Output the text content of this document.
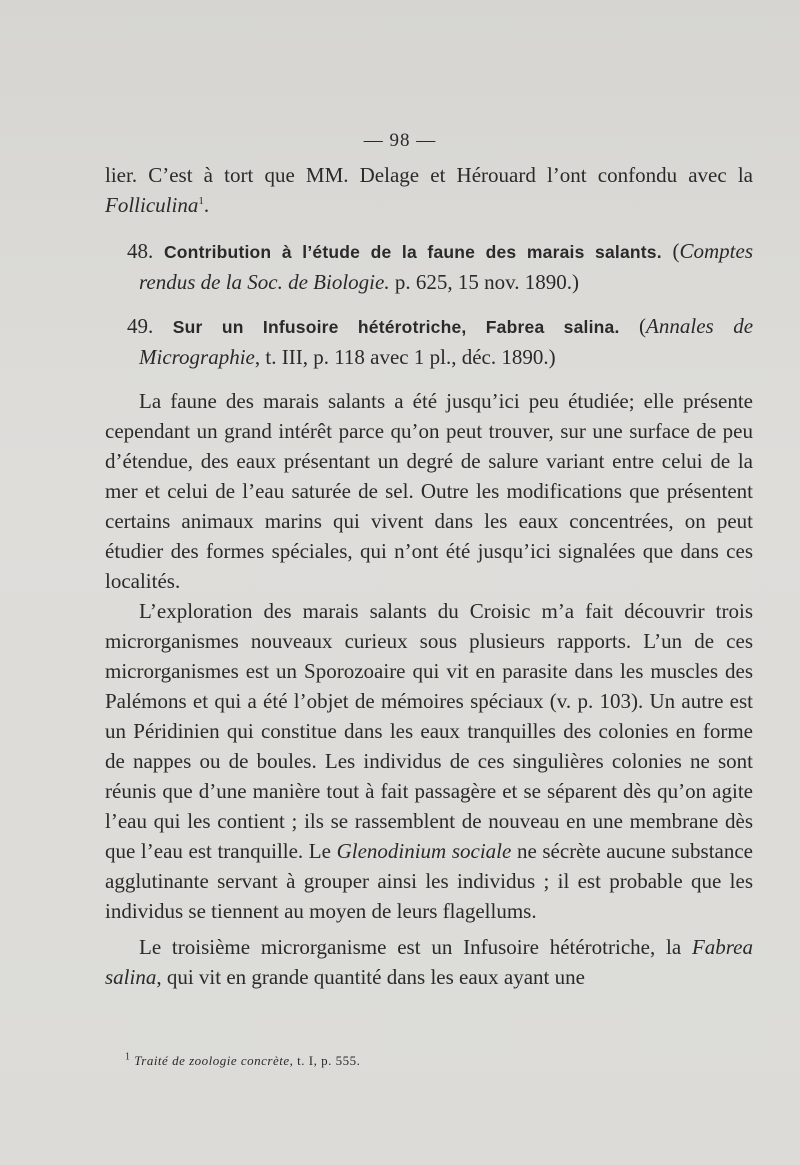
— 98 —

lier. C’est à tort que MM. Delage et Hérouard l’ont confondu avec la Folliculina$^1$.

48. Contribution à l’étude de la faune des marais salants. (Comptes rendus de la Soc. de Biologie. p. 625, 15 nov. 1890.)

49. Sur un Infusoire hétérotriche, Fabrea salina. (Annales de Micrographie, t. III, p. 118 avec 1 pl., déc. 1890.)

La faune des marais salants a été jusqu’ici peu étudiée; elle présente cependant un grand intérêt parce qu’on peut trouver, sur une surface de peu d’étendue, des eaux présentant un degré de salure variant entre celui de la mer et celui de l’eau saturée de sel. Outre les modifications que présentent certains animaux marins qui vivent dans les eaux concentrées, on peut étudier des formes spéciales, qui n’ont été jusqu’ici signalées que dans ces localités.

L’exploration des marais salants du Croisic m’a fait découvrir trois microrganismes nouveaux curieux sous plusieurs rapports. L’un de ces microrganismes est un Sporozoaire qui vit en parasite dans les muscles des Palémons et qui a été l’objet de mémoires spéciaux (v. p. 103). Un autre est un Péridinien qui constitue dans les eaux tranquilles des colonies en forme de nappes ou de boules. Les individus de ces singulières colonies ne sont réunis que d’une manière tout à fait passagère et se séparent dès qu’on agite l’eau qui les contient ; ils se rassemblent de nouveau en une membrane dès que l’eau est tranquille. Le Glenodinium sociale ne sécrète aucune substance agglutinante servant à grouper ainsi les individus ; il est probable que les individus se tiennent au moyen de leurs flagellums.

Le troisième microrganisme est un Infusoire hétérotriche, la Fabrea salina, qui vit en grande quantité dans les eaux ayant une

$^1$ Traité de zoologie concrète, t. I, p. 555.
